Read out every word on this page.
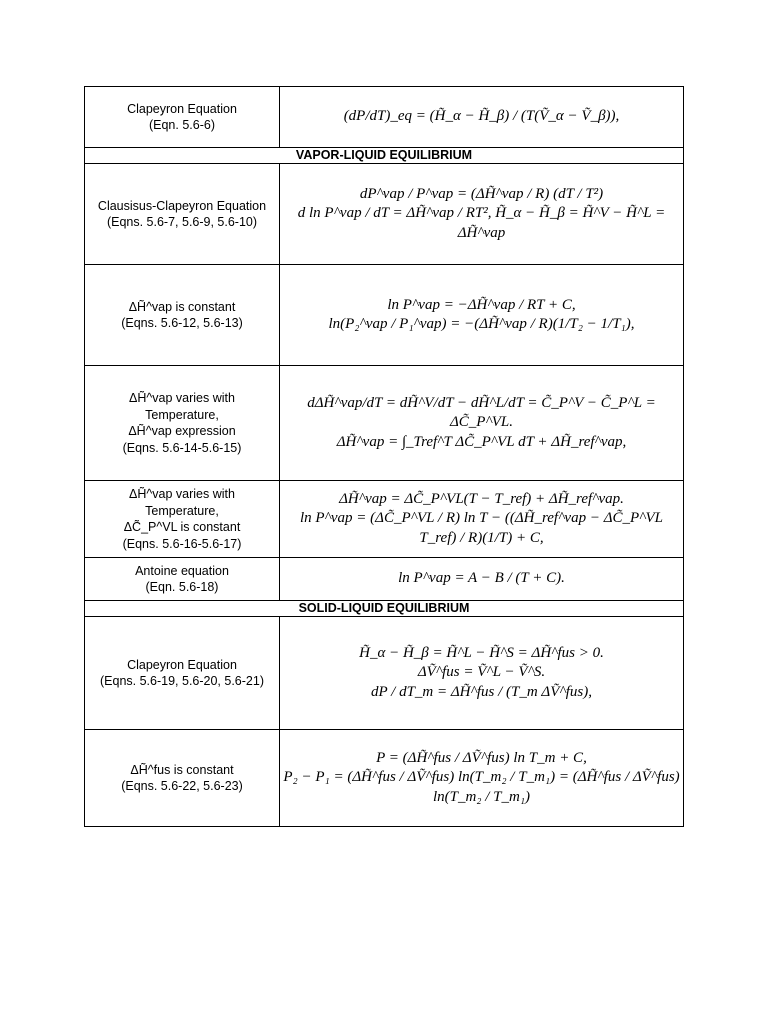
Clapeyron Equation
(Eqn. 5.6-6)	(dP/dT)_eq = (H̃_α − H̃_β) / (T(Ṽ_α − Ṽ_β)),

VAPOR-LIQUID EQUILIBRIUM	

Clausisus-Clapeyron Equation
(Eqns. 5.6-7, 5.6-9, 5.6-10)	dP^vap / P^vap = (ΔH̃^vap / R) (dT / T²)
d ln P^vap / dT = ΔH̃^vap / RT², H̃_α − H̃_β = H̃^V − H̃^L = ΔH̃^vap

ΔH̃^vap is constant
(Eqns. 5.6-12, 5.6-13)	ln P^vap = −ΔH̃^vap / RT + C,
ln(P₂^vap / P₁^vap) = −(ΔH̃^vap / R)(1/T₂ − 1/T₁),

ΔH̃^vap varies with
Temperature,
ΔH̃^vap expression
(Eqns. 5.6-14-5.6-15)	dΔH̃^vap/dT = dH̃^V/dT − dH̃^L/dT = C̃_P^V − C̃_P^L = ΔC̃_P^VL.
ΔH̃^vap = ∫_Tref^T ΔC̃_P^VL dT + ΔH̃_ref^vap,

ΔH̃^vap varies with
Temperature,
ΔC̃_P^VL is constant
(Eqns. 5.6-16-5.6-17)	ΔH̃^vap = ΔC̃_P^VL(T − T_ref) + ΔH̃_ref^vap.
ln P^vap = (ΔC̃_P^VL / R) ln T − ((ΔH̃_ref^vap − ΔC̃_P^VL T_ref) / R)(1/T) + C,

Antoine equation
(Eqn. 5.6-18)	ln P^vap = A − B / (T + C).

SOLID-LIQUID EQUILIBRIUM	

Clapeyron Equation
(Eqns. 5.6-19, 5.6-20, 5.6-21)	H̃_α − H̃_β = H̃^L − H̃^S = ΔH̃^fus > 0.
ΔṼ^fus = Ṽ^L − Ṽ^S.
dP / dT_m = ΔH̃^fus / (T_m ΔṼ^fus),

ΔH̃^fus is constant
(Eqns. 5.6-22, 5.6-23)	P = (ΔH̃^fus / ΔṼ^fus) ln T_m + C,
P₂ − P₁ = (ΔH̃^fus / ΔṼ^fus) ln(T_m₂ / T_m₁) = (ΔH̃^fus / ΔṼ^fus) ln(T_m₂ / T_m₁)
